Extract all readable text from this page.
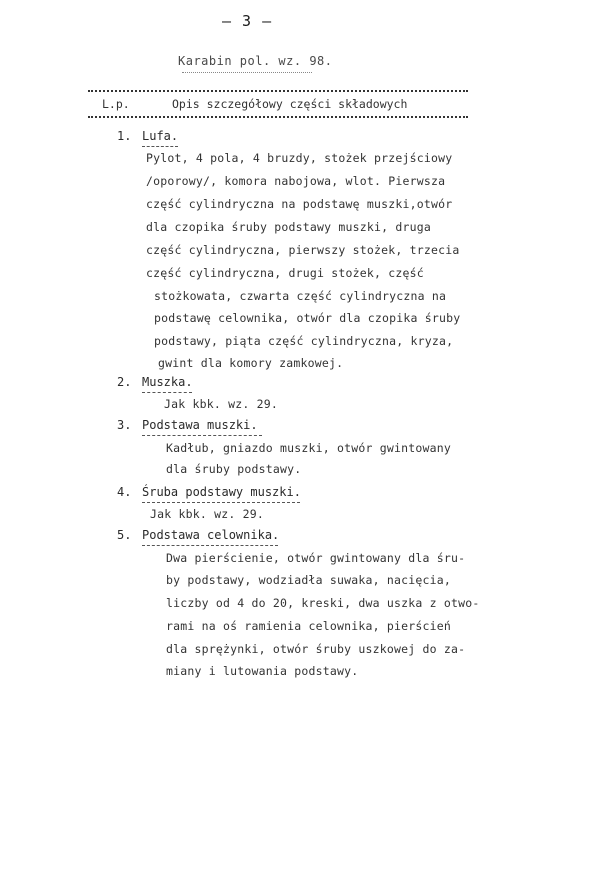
— 3 —
Karabin pol. wz. 98.
L.p.	Opis szczegółowy części składowych
1. Lufa.
Pylot, 4 pola, 4 bruzdy, stożek przejściowy
/oporowy/, komora nabojowa, wlot. Pierwsza
część cylindryczna na podstawę muszki,otwór
dla czopika śruby podstawy muszki, druga
część cylindryczna, pierwszy stożek, trzecia
część cylindryczna, drugi stożek, część
stożkowata, czwarta część cylindryczna na
podstawę celownika, otwór dla czopika śruby
podstawy, piąta część cylindryczna, kryza,
gwint dla komory zamkowej.
2. Muszka.
Jak kbk. wz. 29.
3. Podstawa muszki.
Kadłub, gniazdo muszki, otwór gwintowany
dla śruby podstawy.
4. Śruba podstawy muszki.
Jak kbk. wz. 29.
5. Podstawa celownika.
Dwa pierścienie, otwór gwintowany dla śru-
by podstawy, wodziadła suwaka, nacięcia,
liczby od 4 do 20, kreski, dwa uszka z otwo-
rami na oś ramienia celownika, pierścień
dla sprężynki, otwór śruby uszkowej do za-
miany i lutowania podstawy.
